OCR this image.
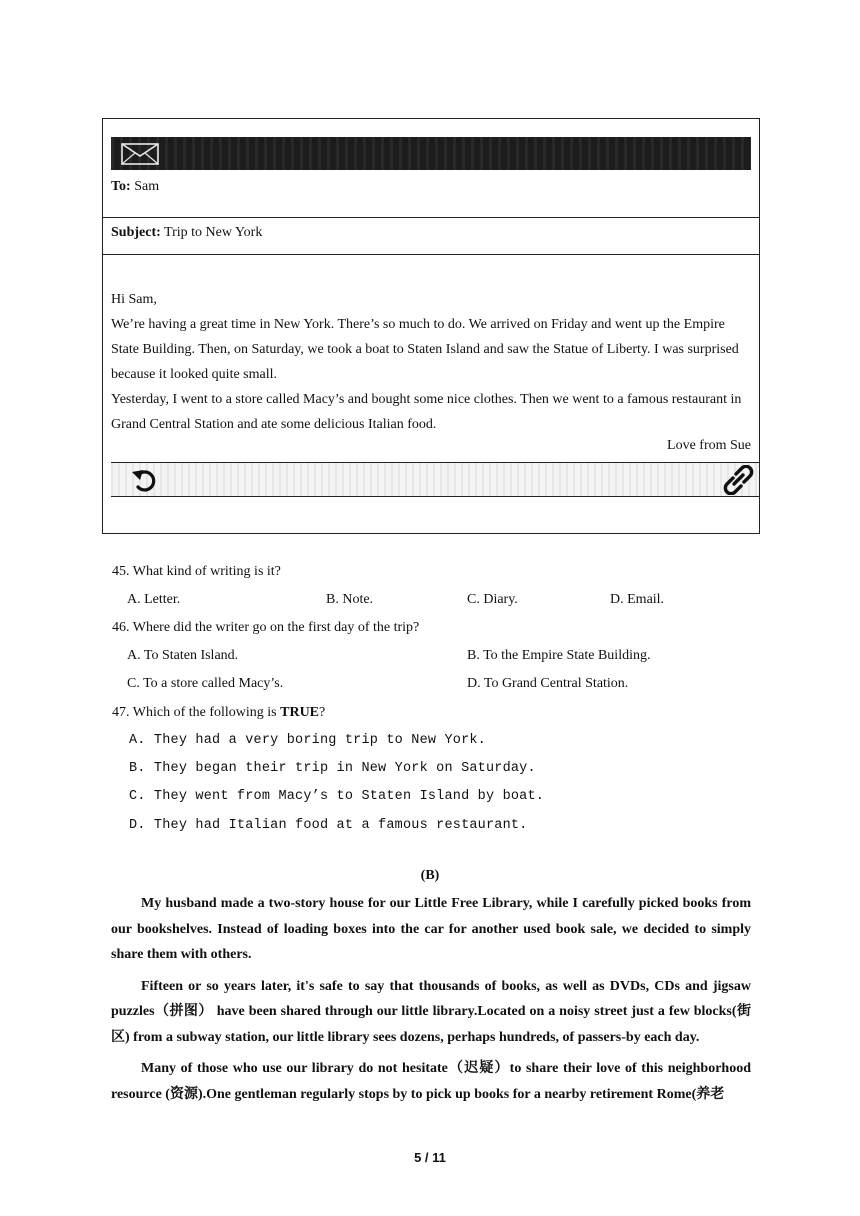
To: Sam
Subject: Trip to New York

Hi Sam,

We’re having a great time in New York. There’s so much to do. We arrived on Friday and went up the Empire State Building. Then, on Saturday, we took a boat to Staten Island and saw the Statue of Liberty. I was surprised because it looked quite small.

Yesterday, I went to a store called Macy’s and bought some nice clothes. Then we went to a famous restaurant in Grand Central Station and ate some delicious Italian food.

Love from Sue
45. What kind of writing is it?
A. Letter.	B. Note.	C. Diary.	D. Email.
46. Where did the writer go on the first day of the trip?
A. To Staten Island.	B. To the Empire State Building.
C. To a store called Macy’s.	D. To Grand Central Station.
47. Which of the following is TRUE?
A. They had a very boring trip to New York.
B. They began their trip in New York on Saturday.
C. They went from Macy’s to Staten Island by boat.
D. They had Italian food at a famous restaurant.
(B)

My husband made a two-story house for our Little Free Library, while I carefully picked books from our bookshelves. Instead of loading boxes into the car for another used book sale, we decided to simply share them with others.

Fifteen or so years later, it's safe to say that thousands of books, as well as DVDs, CDs and jigsaw puzzles（拼图） have been shared through our little library.Located on a noisy street just a few blocks(街区) from a subway station, our little library sees dozens, perhaps hundreds, of passers-by each day.

Many of those who use our library do not hesitate（迟疑）to share their love of this neighborhood resource (资源).One gentleman regularly stops by to pick up books for a nearby retirement Rome(养老

5 / 11
